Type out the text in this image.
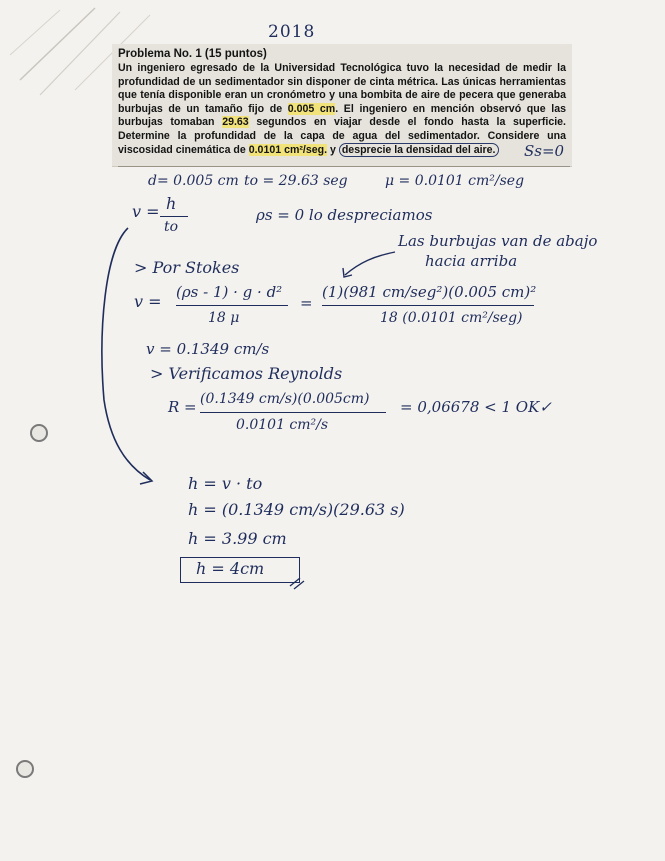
2018
Problema No. 1 (15 puntos)
Un ingeniero egresado de la Universidad Tecnológica tuvo la necesidad de medir la profundidad de un sedimentador sin disponer de cinta métrica. Las únicas herramientas que tenía disponible eran un cronómetro y una bombita de aire de pecera que generaba burbujas de un tamaño fijo de 0.005 cm. El ingeniero en mención observó que las burbujas tomaban 29.63 segundos en viajar desde el fondo hasta la superficie. Determine la profundidad de la capa de agua del sedimentador. Considere una viscosidad cinemática de 0.0101 cm²/seg. y desprecie la densidad del aire.	Ss=0
d= 0.005 cm to = 29.63 seg	μ = 0.0101 cm²/seg
v = h
to
ρs = 0 lo despreciamos
Las burbujas van de abajo
hacia arriba
> Por Stokes
v = (ρs - 1) · g · d²
18 μ
=
(1)(981 cm/seg²)(0.005 cm)²
18 (0.0101 cm²/seg)
v = 0.1349 cm/s
> Verificamos Reynolds
R = (0.1349 cm/s)(0.005cm)
0.0101 cm²/s
= 0,06678 < 1 OK✓
h = v · to
h = (0.1349 cm/s)(29.63 s)
h = 3.99 cm
h = 4cm
